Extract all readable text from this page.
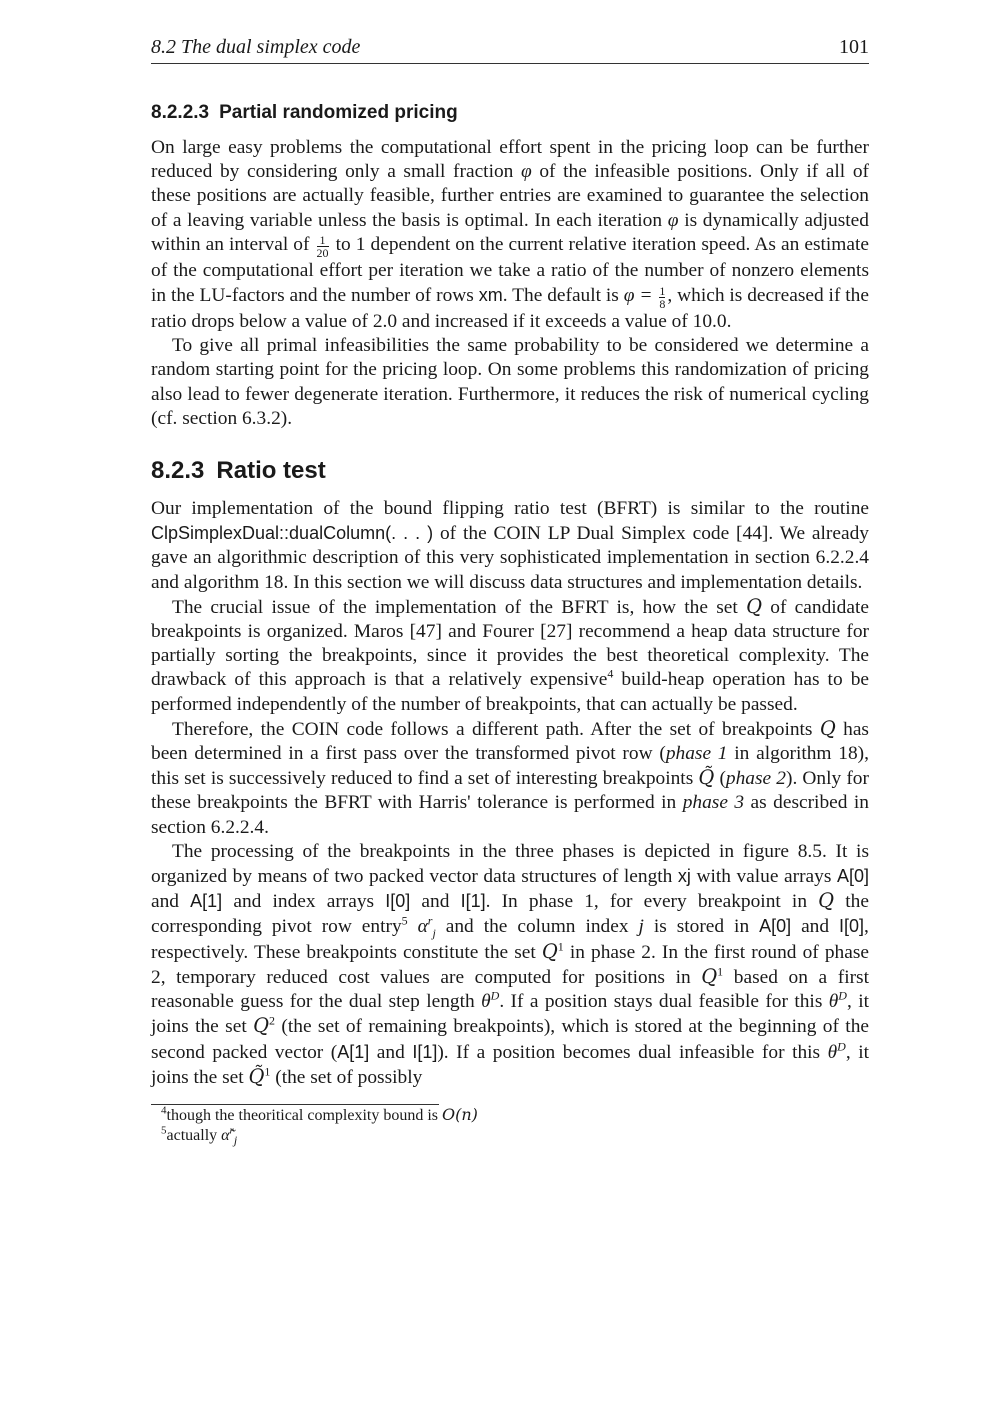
8.2 The dual simplex code	101
8.2.2.3 Partial randomized pricing

On large easy problems the computational effort spent in the pricing loop can be further reduced by considering only a small fraction φ of the infeasible positions. Only if all of these positions are actually feasible, further entries are examined to guarantee the selection of a leaving variable unless the basis is optimal. In each iteration φ is dynamically adjusted within an interval of $\frac{1}{20}$ to 1 dependent on the current relative iteration speed. As an estimate of the computational effort per iteration we take a ratio of the number of nonzero elements in the LU-factors and the number of rows xm. The default is $\varphi = \frac{1}{8}$ , which is decreased if the ratio drops below a value of 2.0 and increased if it exceeds a value of 10.0.

To give all primal infeasibilities the same probability to be considered we determine a random starting point for the pricing loop. On some problems this randomization of pricing also lead to fewer degenerate iteration. Furthermore, it reduces the risk of numerical cycling (cf. section 6.3.2).

8.2.3 Ratio test

Our implementation of the bound flipping ratio test (BFRT) is similar to the routine ClpSimplexDual::dualColumn(. . . ) of the COIN LP Dual Simplex code [44]. We already gave an algorithmic description of this very sophisticated implementation in section 6.2.2.4 and algorithm 18. In this section we will discuss data structures and implementation details.

The crucial issue of the implementation of the BFRT is, how the set Q of candidate breakpoints is organized. Maros [47] and Fourer [27] recommend a heap data structure for partially sorting the breakpoints, since it provides the best theoretical complexity. The drawback of this approach is that a relatively expensive$^4$ build-heap operation has to be performed independently of the number of breakpoints, that can actually be passed.

Therefore, the COIN code follows a different path. After the set of breakpoints Q has been determined in a first pass over the transformed pivot row (phase 1 in algorithm 18), this set is successively reduced to find a set of interesting breakpoints Q̃ (phase 2). Only for these breakpoints the BFRT with Harris' tolerance is performed in phase 3 as described in section 6.2.2.4.

The processing of the breakpoints in the three phases is depicted in figure 8.5. It is organized by means of two packed vector data structures of length xj with value arrays A[0] and A[1] and index arrays I[0] and I[1]. In phase 1, for every breakpoint in Q the corresponding pivot row entry$^5$ $\alpha^r_j$ and the column index j is stored in A[0] and I[0], respectively. These breakpoints constitute the set $Q^1$ in phase 2. In the first round of phase 2, temporary reduced cost values are computed for positions in $Q^1$ based on a first reasonable guess for the dual step length $\theta^D$. If a position stays dual feasible for this $\theta^D$, it joins the set $Q^2$ (the set of remaining breakpoints), which is stored at the beginning of the second packed vector (A[1] and I[1]). If a position becomes dual infeasible for this $\theta^D$, it joins the set Q̃$^1$ (the set of possibly

$^4$though the theoritical complexity bound is O(n)
$^5$actually α̃$^r_j$
